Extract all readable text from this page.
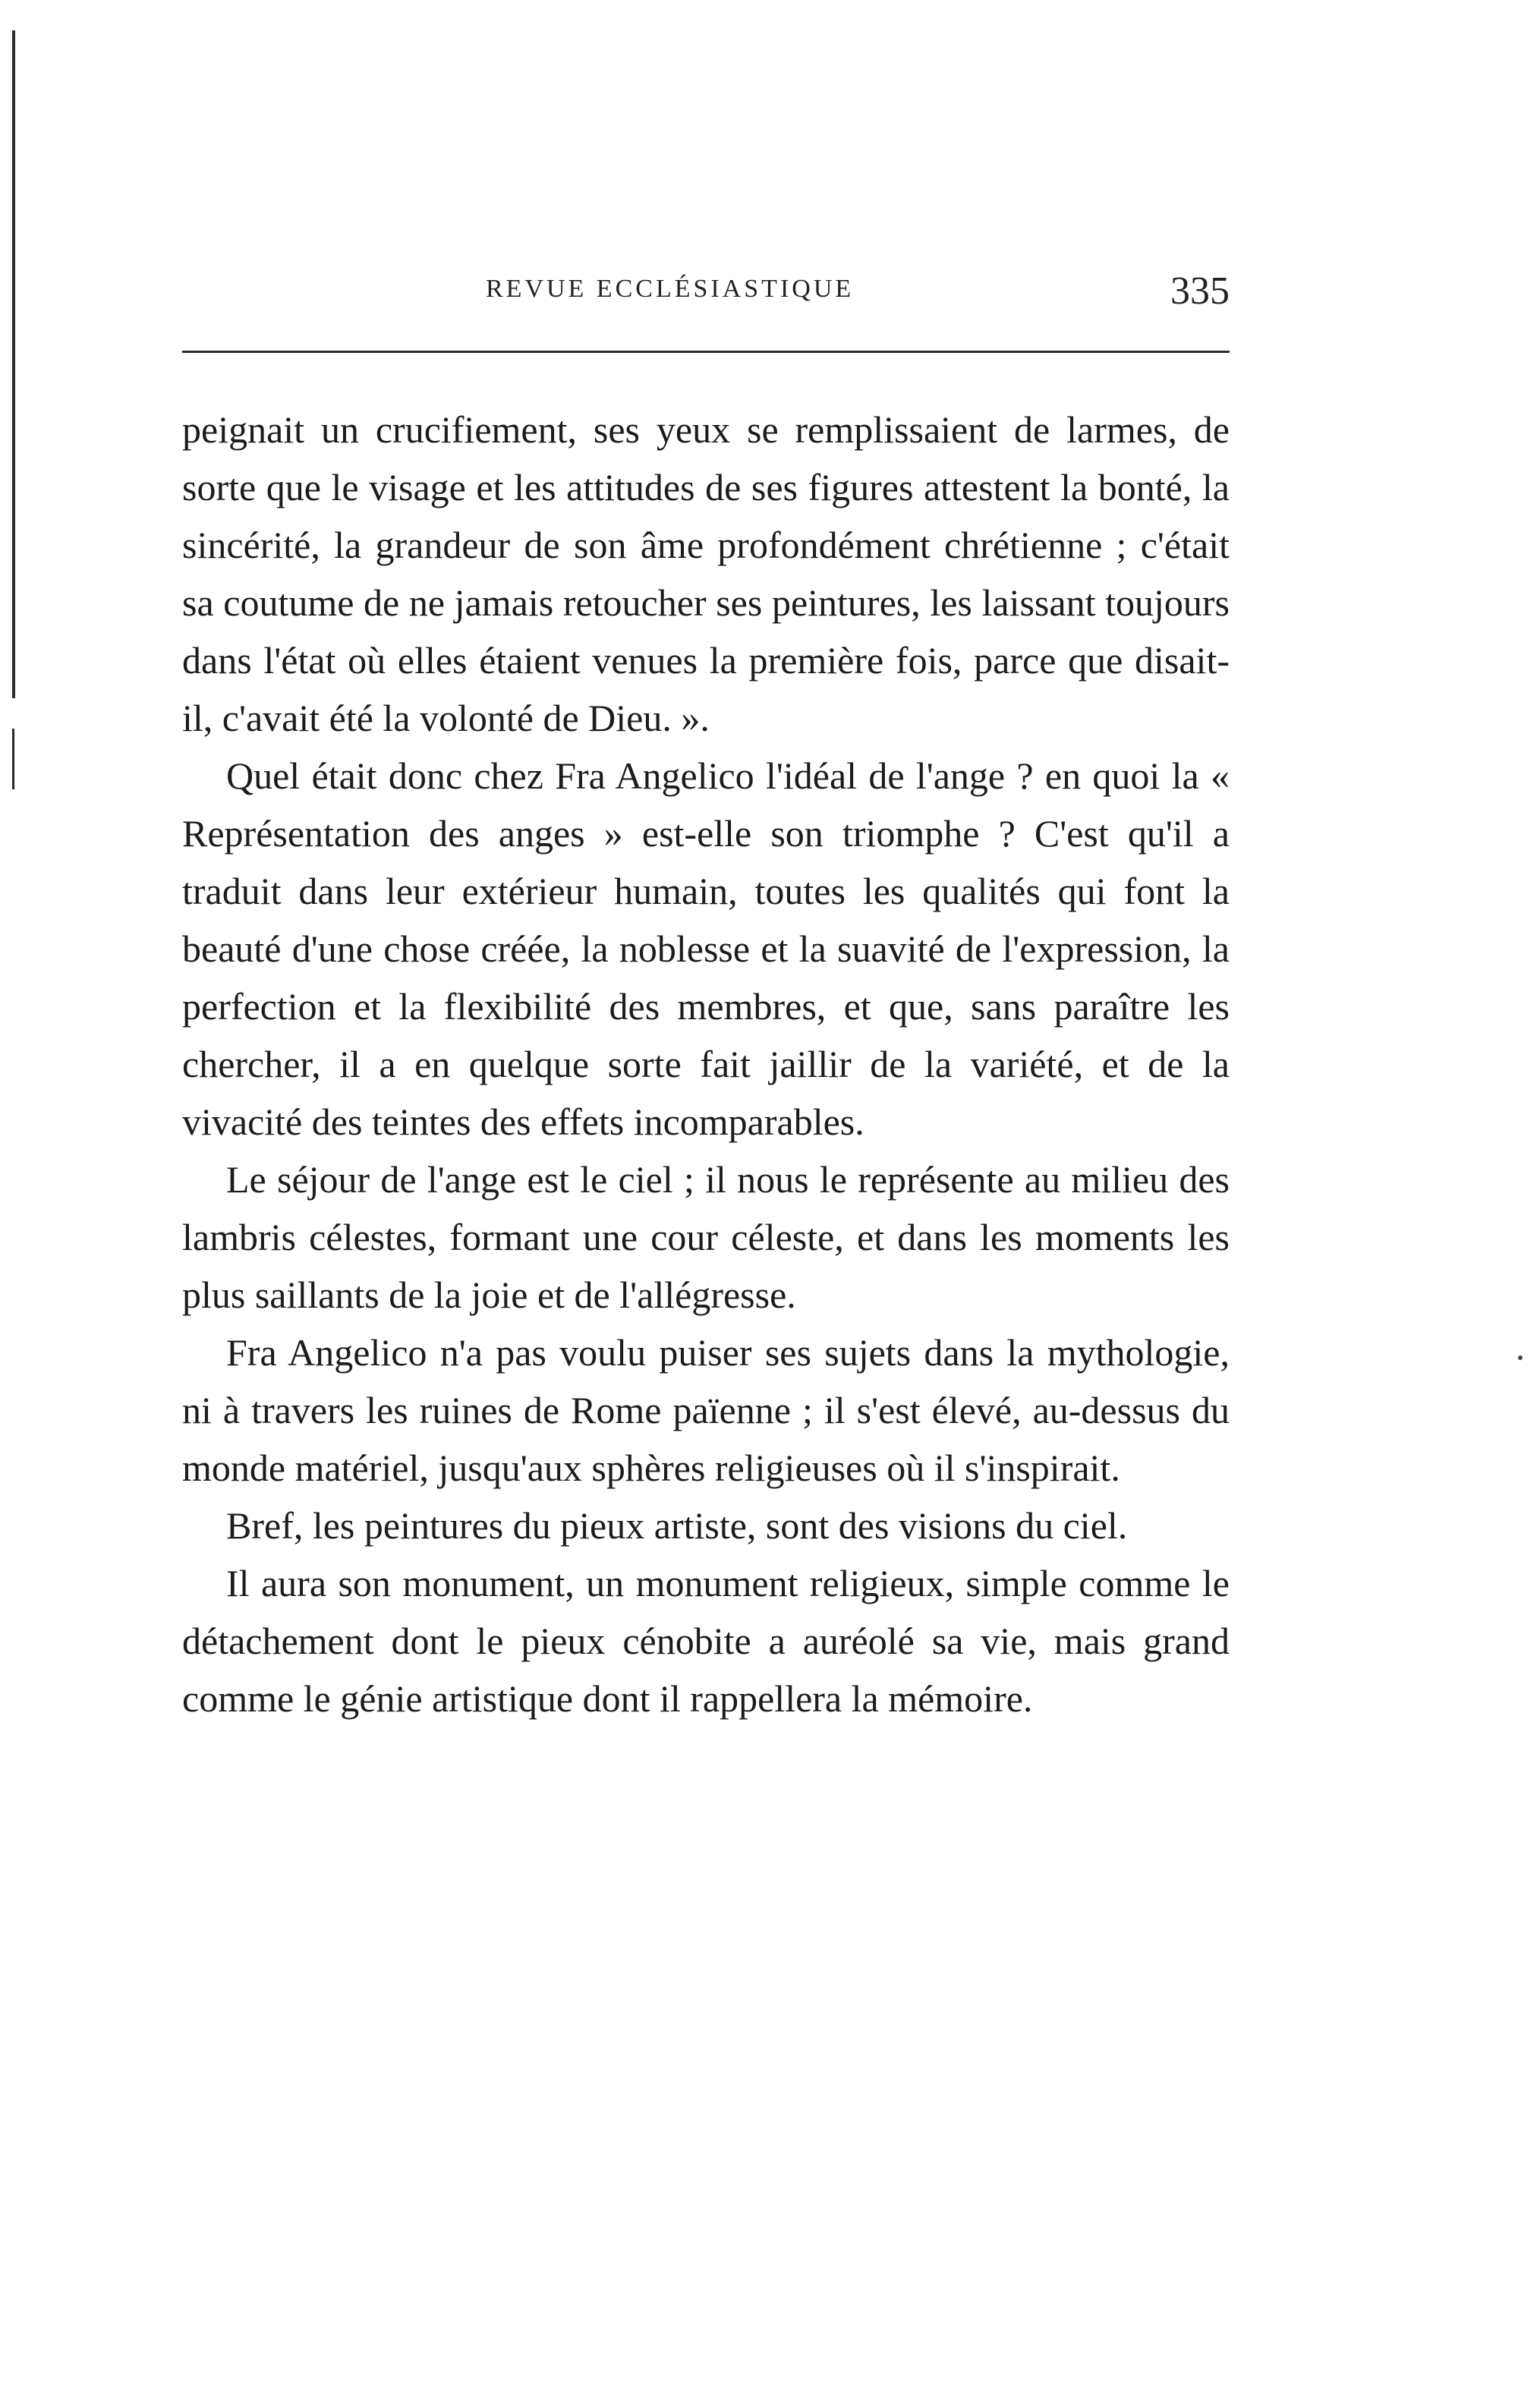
REVUE ECCLÉSIASTIQUE	335

peignait un crucifiement, ses yeux se remplissaient de larmes, de sorte que le visage et les attitudes de ses figures attestent la bonté, la sincérité, la grandeur de son âme profondément chrétienne ; c'était sa coutume de ne jamais retoucher ses peintures, les laissant toujours dans l'état où elles étaient venues la première fois, parce que disait-il, c'avait été la volonté de Dieu. ».

Quel était donc chez Fra Angelico l'idéal de l'ange ? en quoi la « Représentation des anges » est-elle son triomphe ? C'est qu'il a traduit dans leur extérieur humain, toutes les qualités qui font la beauté d'une chose créée, la noblesse et la suavité de l'expression, la perfection et la flexibilité des membres, et que, sans paraître les chercher, il a en quelque sorte fait jaillir de la variété, et de la vivacité des teintes des effets incomparables.

Le séjour de l'ange est le ciel ; il nous le représente au milieu des lambris célestes, formant une cour céleste, et dans les moments les plus saillants de la joie et de l'allégresse.

Fra Angelico n'a pas voulu puiser ses sujets dans la mythologie, ni à travers les ruines de Rome païenne ; il s'est élevé, au-dessus du monde matériel, jusqu'aux sphères religieuses où il s'inspirait.

Bref, les peintures du pieux artiste, sont des visions du ciel.

Il aura son monument, un monument religieux, simple comme le détachement dont le pieux cénobite a auréolé sa vie, mais grand comme le génie artistique dont il rappellera la mémoire.
